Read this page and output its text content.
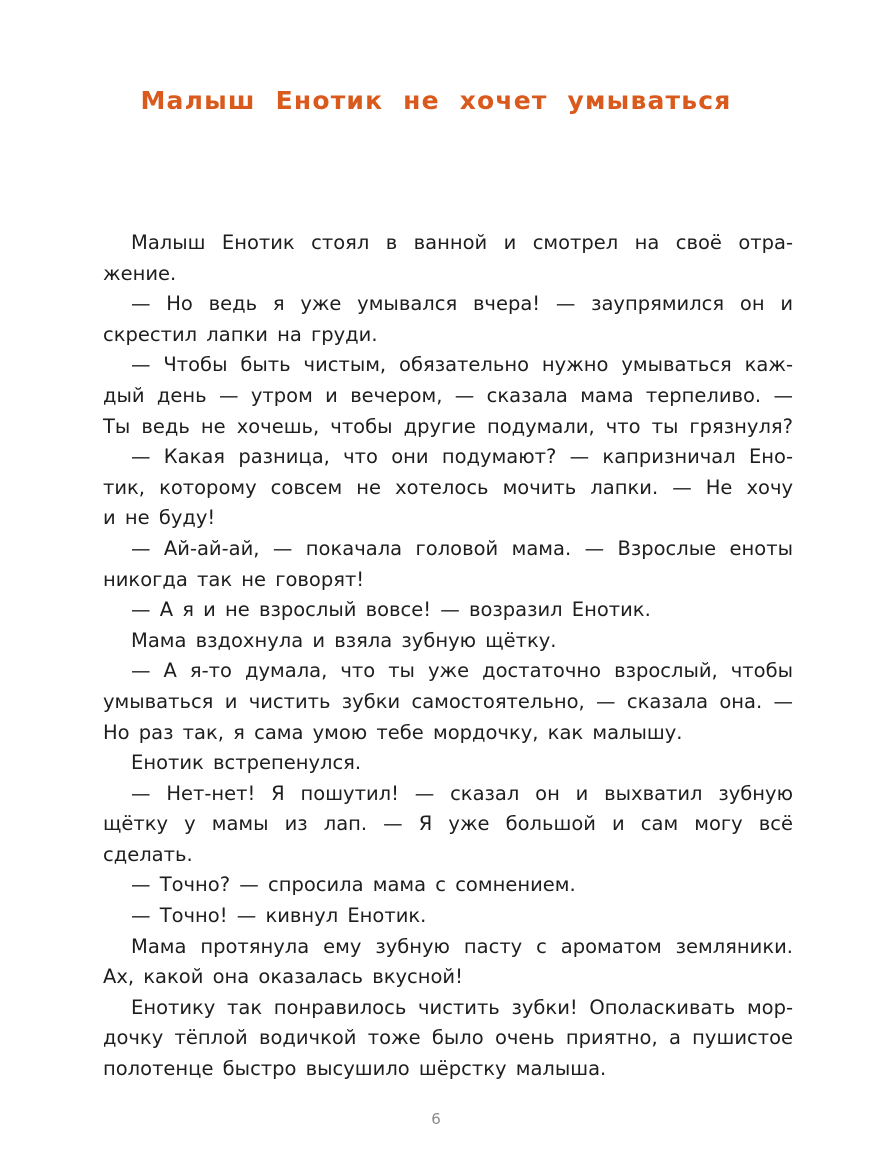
Малыш Енотик не хочет умываться
Малыш Енотик стоял в ванной и смотрел на своё отра-
жение.
— Но ведь я уже умывался вчера! — заупрямился он и
скрестил лапки на груди.
— Чтобы быть чистым, обязательно нужно умываться каж-
дый день — утром и вечером, — сказала мама терпеливо. —
Ты ведь не хочешь, чтобы другие подумали, что ты грязнуля?
— Какая разница, что они подумают? — капризничал Ено-
тик, которому совсем не хотелось мочить лапки. — Не хочу
и не буду!
— Ай-ай-ай, — покачала головой мама. — Взрослые еноты
никогда так не говорят!
— А я и не взрослый вовсе! — возразил Енотик.
Мама вздохнула и взяла зубную щётку.
— А я-то думала, что ты уже достаточно взрослый, чтобы
умываться и чистить зубки самостоятельно, — сказала она. —
Но раз так, я сама умою тебе мордочку, как малышу.
Енотик встрепенулся.
— Нет-нет! Я пошутил! — сказал он и выхватил зубную
щётку у мамы из лап. — Я уже большой и сам могу всё
сделать.
— Точно? — спросила мама с сомнением.
— Точно! — кивнул Енотик.
Мама протянула ему зубную пасту с ароматом земляники.
Ах, какой она оказалась вкусной!
Енотику так понравилось чистить зубки! Ополаскивать мор-
дочку тёплой водичкой тоже было очень приятно, а пушистое
полотенце быстро высушило шёрстку малыша.
6
